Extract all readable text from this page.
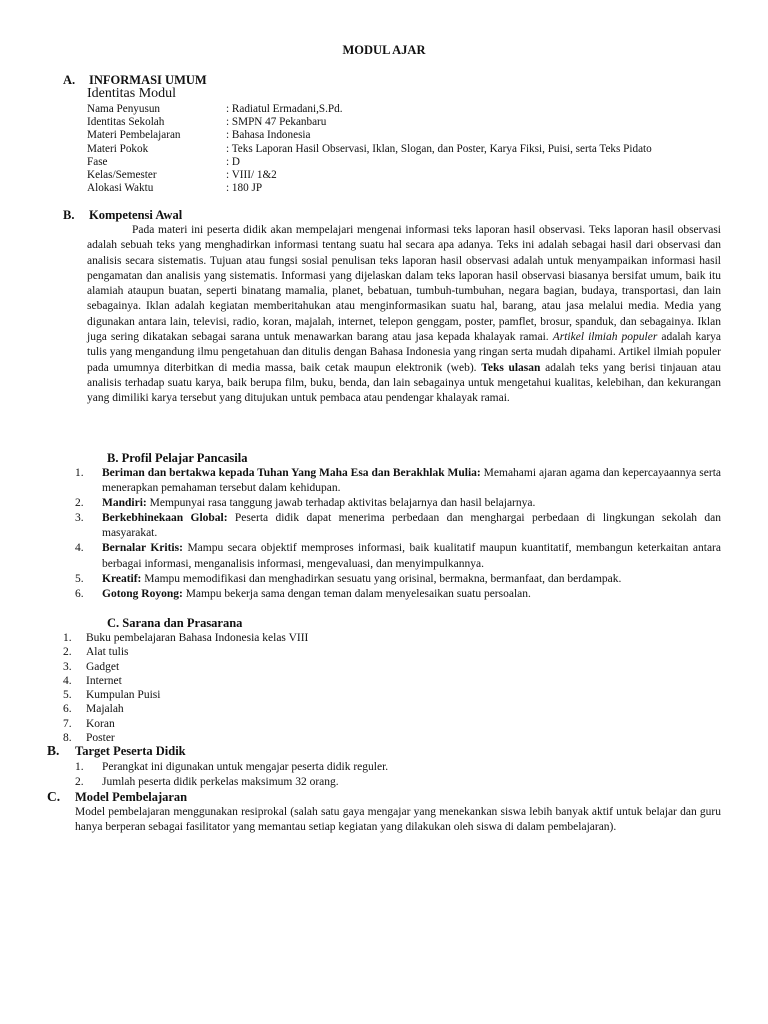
MODUL AJAR
A. INFORMASI UMUM
Identitas Modul
Nama Penyusun	: Radiatul Ermadani,S.Pd.
Identitas Sekolah	: SMPN 47 Pekanbaru
Materi Pembelajaran	: Bahasa Indonesia
Materi Pokok	: Teks Laporan Hasil Observasi, Iklan, Slogan, dan Poster, Karya Fiksi, Puisi, serta Teks Pidato
Fase	: D
Kelas/Semester	: VIII/ 1&2
Alokasi Waktu	: 180 JP
B. Kompetensi Awal
Pada materi ini peserta didik akan mempelajari mengenai informasi teks laporan hasil observasi. Teks laporan hasil observasi adalah sebuah teks yang menghadirkan informasi tentang suatu hal secara apa adanya. Teks ini adalah sebagai hasil dari observasi dan analisis secara sistematis. Tujuan atau fungsi sosial penulisan teks laporan hasil observasi adalah untuk menyampaikan informasi hasil pengamatan dan analisis yang sistematis. Informasi yang dijelaskan dalam teks laporan hasil observasi biasanya bersifat umum, baik itu alamiah ataupun buatan, seperti binatang mamalia, planet, bebatuan, tumbuh-tumbuhan, negara bagian, budaya, transportasi, dan lain sebagainya. Iklan adalah kegiatan memberitahukan atau menginformasikan suatu hal, barang, atau jasa melalui media. Media yang digunakan antara lain, televisi, radio, koran, majalah, internet, telepon genggam, poster, pamflet, brosur, spanduk, dan sebagainya. Iklan juga sering dikatakan sebagai sarana untuk menawarkan barang atau jasa kepada khalayak ramai. Artikel ilmiah populer adalah karya tulis yang mengandung ilmu pengetahuan dan ditulis dengan Bahasa Indonesia yang ringan serta mudah dipahami. Artikel ilmiah populer pada umumnya diterbitkan di media massa, baik cetak maupun elektronik (web). Teks ulasan adalah teks yang berisi tinjauan atau analisis terhadap suatu karya, baik berupa film, buku, benda, dan lain sebagainya untuk mengetahui kualitas, kelebihan, dan kekurangan yang dimiliki karya tersebut yang ditujukan untuk pembaca atau pendengar khalayak ramai.
B. Profil Pelajar Pancasila
1. Beriman dan bertakwa kepada Tuhan Yang Maha Esa dan Berakhlak Mulia: Memahami ajaran agama dan kepercayaannya serta menerapkan pemahaman tersebut dalam kehidupan.
2. Mandiri: Mempunyai rasa tanggung jawab terhadap aktivitas belajarnya dan hasil belajarnya.
3. Berkebhinekaan Global: Peserta didik dapat menerima perbedaan dan menghargai perbedaan di lingkungan sekolah dan masyarakat.
4. Bernalar Kritis: Mampu secara objektif memproses informasi, baik kualitatif maupun kuantitatif, membangun keterkaitan antara berbagai informasi, menganalisis informasi, mengevaluasi, dan menyimpulkannya.
5. Kreatif: Mampu memodifikasi dan menghadirkan sesuatu yang orisinal, bermakna, bermanfaat, dan berdampak.
6. Gotong Royong: Mampu bekerja sama dengan teman dalam menyelesaikan suatu persoalan.
C. Sarana dan Prasarana
1. Buku pembelajaran Bahasa Indonesia kelas VIII
2. Alat tulis
3. Gadget
4. Internet
5. Kumpulan Puisi
6. Majalah
7. Koran
8. Poster
B. Target Peserta Didik
1. Perangkat ini digunakan untuk mengajar peserta didik reguler.
2. Jumlah peserta didik perkelas maksimum 32 orang.
C. Model Pembelajaran
Model pembelajaran menggunakan resiprokal (salah satu gaya mengajar yang menekankan siswa lebih banyak aktif untuk belajar dan guru hanya berperan sebagai fasilitator yang memantau setiap kegiatan yang dilakukan oleh siswa di dalam pembelajaran).
